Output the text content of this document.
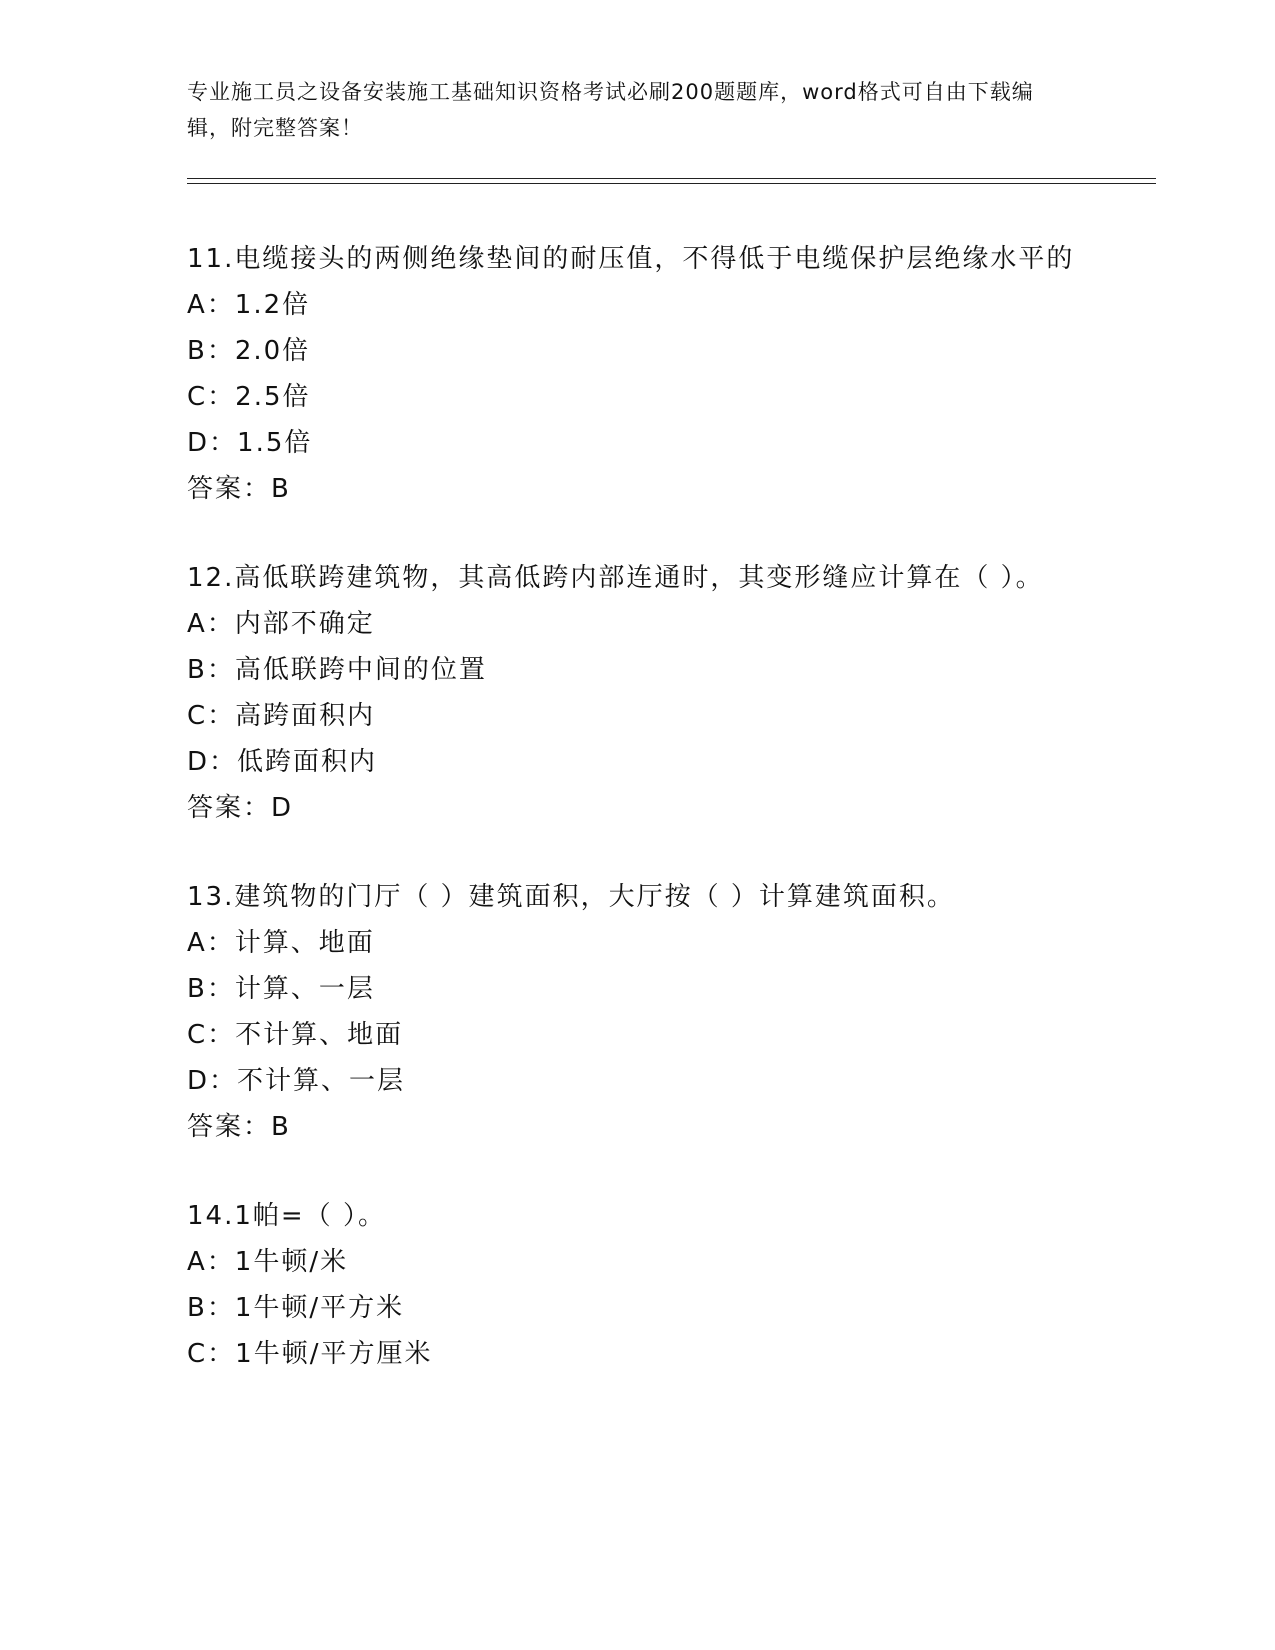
专业施工员之设备安装施工基础知识资格考试必刷200题题库，word格式可自由下载编辑，附完整答案！

11.电缆接头的两侧绝缘垫间的耐压值，不得低于电缆保护层绝缘水平的

A：1.2倍

B：2.0倍

C：2.5倍

D：1.5倍

答案：B

12.高低联跨建筑物，其高低跨内部连通时，其变形缝应计算在（ ）。

A：内部不确定

B：高低联跨中间的位置

C：高跨面积内

D：低跨面积内

答案：D

13.建筑物的门厅（ ）建筑面积，大厅按（ ）计算建筑面积。

A：计算、地面

B：计算、一层

C：不计算、地面

D：不计算、一层

答案：B

14.1帕=（ ）。

A：1牛顿/米

B：1牛顿/平方米

C：1牛顿/平方厘米
